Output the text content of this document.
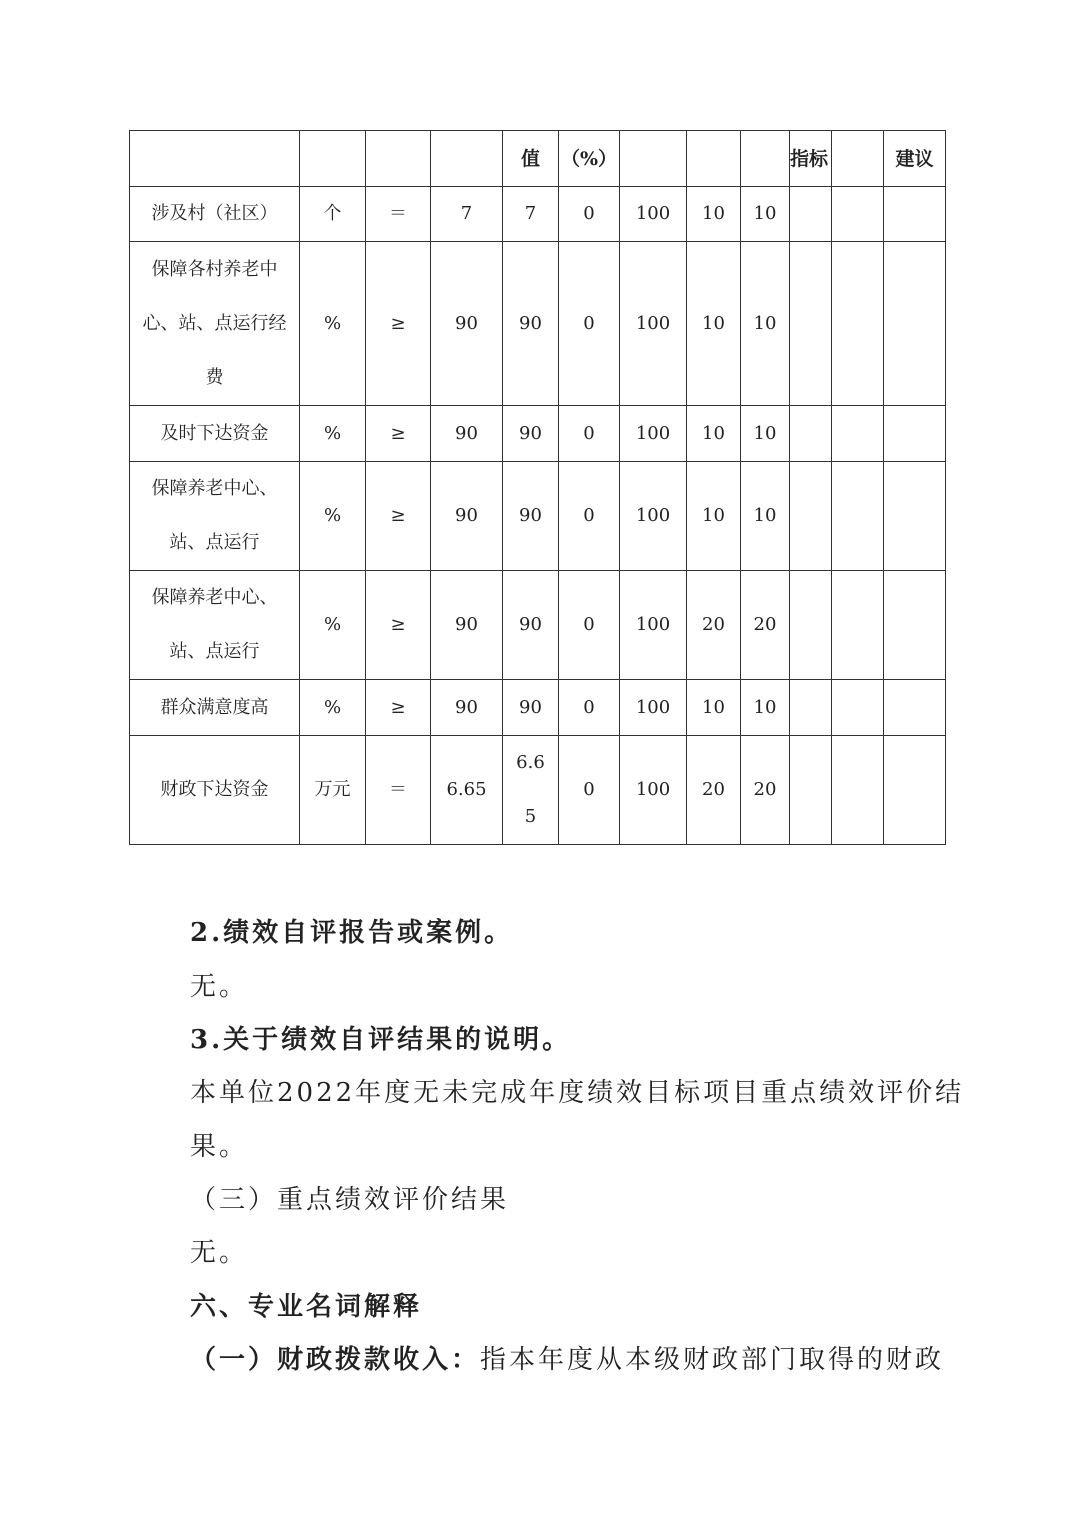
				值	（%）				指标		建议
涉及村（社区）	个	＝	7	7	0	100	10	10			
保障各村养老中心、站、点运行经费	%	≥	90	90	0	100	10	10			
及时下达资金	%	≥	90	90	0	100	10	10			
保障养老中心、站、点运行	%	≥	90	90	0	100	10	10			
保障养老中心、站、点运行	%	≥	90	90	0	100	20	20			
群众满意度高	%	≥	90	90	0	100	10	10			
财政下达资金	万元	＝	6.65	6.65	0	100	20	20			
2.绩效自评报告或案例。
无。
3.关于绩效自评结果的说明。
本单位2022年度无未完成年度绩效目标项目重点绩效评价结果。
（三）重点绩效评价结果
无。
六、专业名词解释
（一）财政拨款收入：指本年度从本级财政部门取得的财政
